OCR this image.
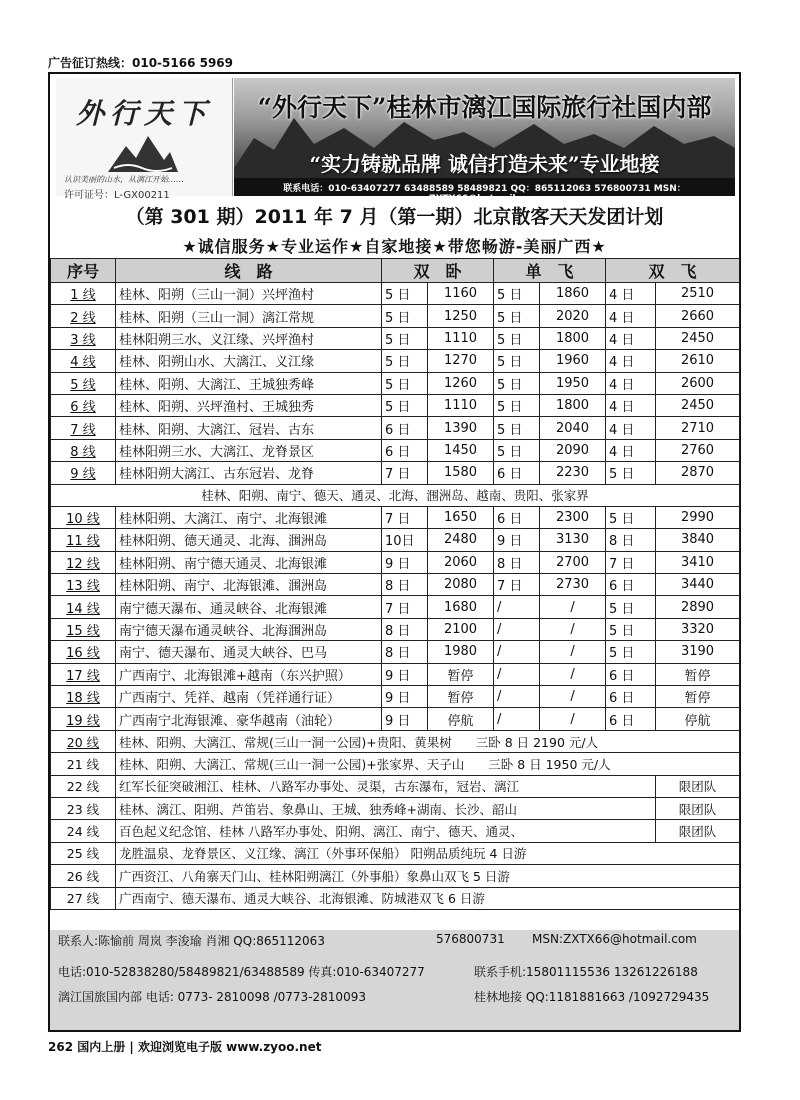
广告征订热线：010-5166 5969
外行天下
认识美丽的山水，从漓江开始……
许可证号：L-GX00211
“外行天下”桂林市漓江国际旅行社国内部
“实力铸就品牌 诚信打造未来”专业地接
联系电话：010-63407277 63488589 58489821 QQ：865112063 576800731 MSN：ZXTX66@hotmail.com
（第 301 期）2011 年 7 月（第一期）北京散客天天发团计划
★诚信服务★专业运作★自家地接★带您畅游-美丽广西★
序号	线　路	双　卧		单　飞		双　飞	
1 线	桂林、阳朔（三山一洞）兴坪渔村	5 日	1160	5 日	1860	4 日	2510
2 线	桂林、阳朔（三山一洞）漓江常规	5 日	1250	5 日	2020	4 日	2660
3 线	桂林阳朔三水、义江缘、兴坪渔村	5 日	1110	5 日	1800	4 日	2450
4 线	桂林、阳朔山水、大漓江、义江缘	5 日	1270	5 日	1960	4 日	2610
5 线	桂林、阳朔、大漓江、王城独秀峰	5 日	1260	5 日	1950	4 日	2600
6 线	桂林、阳朔、兴坪渔村、王城独秀	5 日	1110	5 日	1800	4 日	2450
7 线	桂林、阳朔、大漓江、冠岩、古东	6 日	1390	5 日	2040	4 日	2710
8 线	桂林阳朔三水、大漓江、龙脊景区	6 日	1450	5 日	2090	4 日	2760
9 线	桂林阳朔大漓江、古东冠岩、龙脊	7 日	1580	6 日	2230	5 日	2870
桂林、阳朔、南宁、德天、通灵、北海、涠洲岛、越南、贵阳、张家界							
10 线	桂林阳朔、大漓江、南宁、北海银滩	7 日	1650	6 日	2300	5 日	2990
11 线	桂林阳朔、德天通灵、北海、涠洲岛	10日	2480	9 日	3130	8 日	3840
12 线	桂林阳朔、南宁德天通灵、北海银滩	9 日	2060	8 日	2700	7 日	3410
13 线	桂林阳朔、南宁、北海银滩、涠洲岛	8 日	2080	7 日	2730	6 日	3440
14 线	南宁德天瀑布、通灵峡谷、北海银滩	7 日	1680	/	/	5 日	2890
15 线	南宁德天瀑布通灵峡谷、北海涠洲岛	8 日	2100	/	/	5 日	3320
16 线	南宁、德天瀑布、通灵大峡谷、巴马	8 日	1980	/	/	5 日	3190
17 线	广西南宁、北海银滩+越南（东兴护照）	9 日	暂停	/	/	6 日	暂停
18 线	广西南宁、凭祥、越南（凭祥通行证）	9 日	暂停	/	/	6 日	暂停
19 线	广西南宁北海银滩、豪华越南（油轮）	9 日	停航	/	/	6 日	停航
20 线	桂林、阳朔、大漓江、常规(三山一洞一公园)+贵阳、黄果树 三卧 8 日 2190 元/人						
21 线	桂林、阳朔、大漓江、常规(三山一洞一公园)+张家界、天子山 三卧 8 日 1950 元/人						
22 线	红军长征突破湘江、桂林、八路军办事处、灵渠，古东瀑布，冠岩、漓江						限团队
23 线	桂林、漓江、阳朔、芦笛岩、象鼻山、王城、独秀峰+湖南、长沙、韶山						限团队
24 线	百色起义纪念馆、桂林 八路军办事处、阳朔、漓江、南宁、德天、通灵、						限团队
25 线	龙胜温泉、龙脊景区、义江缘、漓江（外事环保船） 阳朔品质纯玩 4 日游						
26 线	广西资江、八角寨天门山、桂林阳朔漓江（外事船）象鼻山双飞 5 日游						
27 线	广西南宁、德天瀑布、通灵大峡谷、北海银滩、防城港双飞 6 日游						
联系人:陈愉前 周岚 李浚瑜 肖湘 QQ:865112063	576800731 MSN:ZXTX66@hotmail.com
电话:010-52838280/58489821/63488589 传真:010-63407277	联系手机:15801115536 13261226188
漓江国旅国内部 电话: 0773- 2810098 /0773-2810093	桂林地接 QQ:1181881663 /1092729435
262 国内上册 | 欢迎浏览电子版 www.zyoo.net
